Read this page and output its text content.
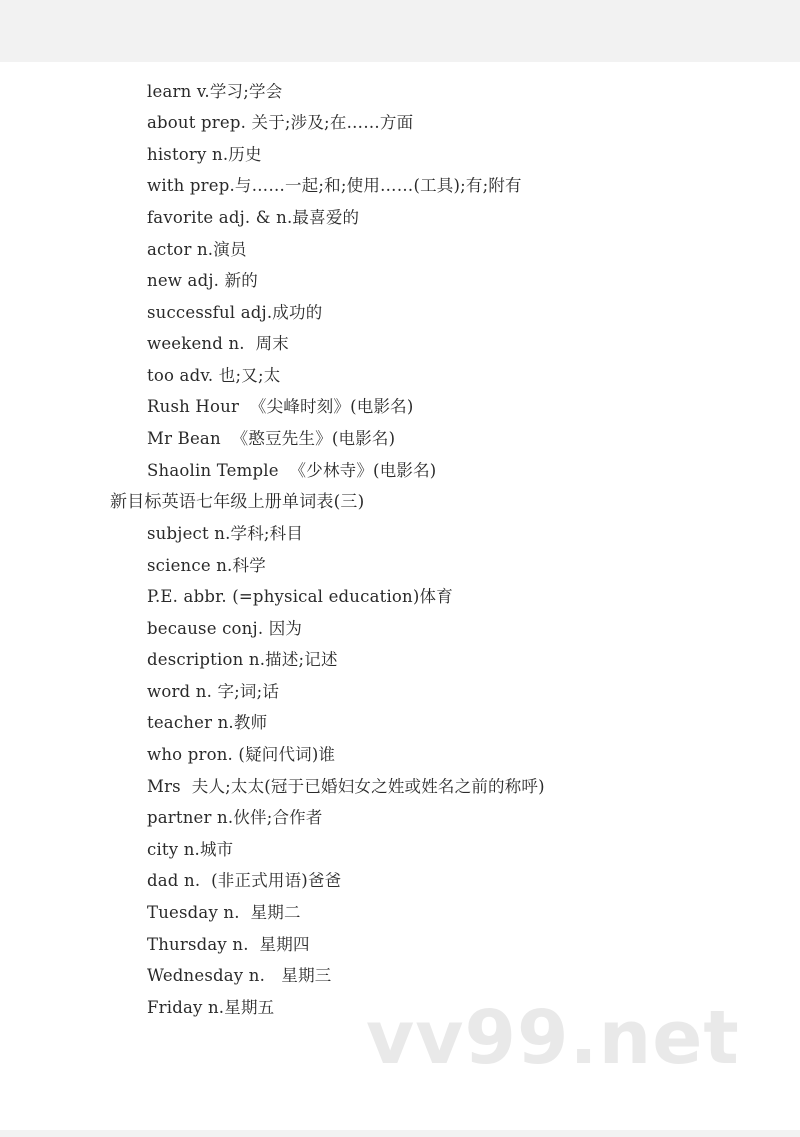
learn v.学习;学会
about prep. 关于;涉及;在……方面
history n.历史
with prep.与……一起;和;使用……(工具);有;附有
favorite adj. & n.最喜爱的
actor n.演员
new adj. 新的
successful adj.成功的
weekend n.  周末
too adv. 也;又;太
Rush Hour  《尖峰时刻》(电影名)
Mr Bean  《憨豆先生》(电影名)
Shaolin Temple  《少林寺》(电影名)
新目标英语七年级上册单词表(三)
subject n.学科;科目
science n.科学
P.E. abbr. (=physical education)体育
because conj. 因为
description n.描述;记述
word n. 字;词;话
teacher n.教师
who pron. (疑问代词)谁
Mrs  夫人;太太(冠于已婚妇女之姓或姓名之前的称呼)
partner n.伙伴;合作者
city n.城市
dad n.  (非正式用语)爸爸
Tuesday n.  星期二
Thursday n.  星期四
Wednesday n.   星期三
Friday n.星期五 vv99.net
